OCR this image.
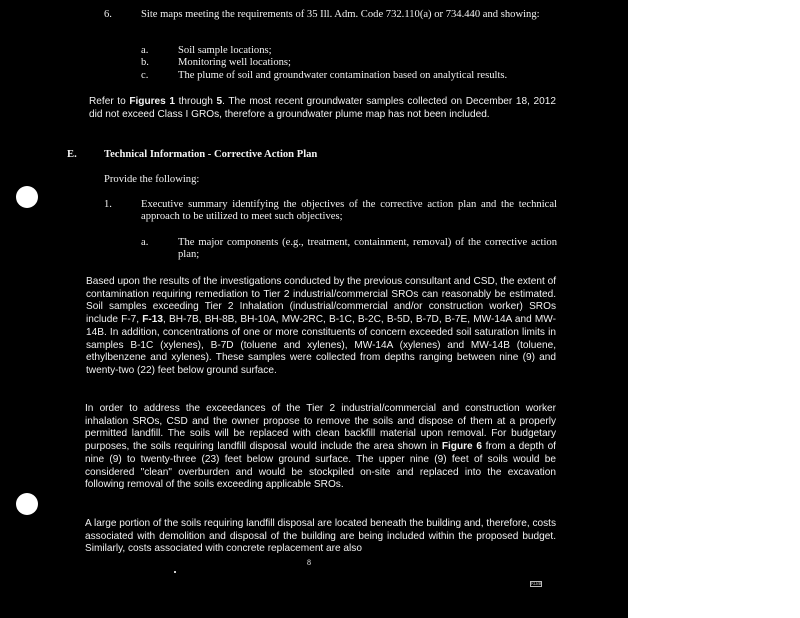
6.	Site maps meeting the requirements of 35 Ill. Adm. Code 732.110(a) or 734.440 and showing:
a.	Soil sample locations;
b.	Monitoring well locations;
c.	The plume of soil and groundwater contamination based on analytical results.
Refer to Figures 1 through 5. The most recent groundwater samples collected on December 18, 2012 did not exceed Class I GROs, therefore a groundwater plume map has not been included.
E.	Technical Information - Corrective Action Plan
Provide the following:
1.	Executive summary identifying the objectives of the corrective action plan and the technical approach to be utilized to meet such objectives;
a.	The major components (e.g., treatment, containment, removal) of the corrective action plan;
Based upon the results of the investigations conducted by the previous consultant and CSD, the extent of contamination requiring remediation to Tier 2 industrial/commercial SROs can reasonably be estimated. Soil samples exceeding Tier 2 Inhalation (industrial/commercial and/or construction worker) SROs include F-7, F-13, BH-7B, BH-8B, BH-10A, MW-2RC, B-1C, B-2C, B-5D, B-7D, B-7E, MW-14A and MW-14B. In addition, concentrations of one or more constituents of concern exceeded soil saturation limits in samples B-1C (xylenes), B-7D (toluene and xylenes), MW-14A (xylenes) and MW-14B (toluene, ethylbenzene and xylenes). These samples were collected from depths ranging between nine (9) and twenty-two (22) feet below ground surface.
In order to address the exceedances of the Tier 2 industrial/commercial and construction worker inhalation SROs, CSD and the owner propose to remove the soils and dispose of them at a properly permitted landfill. The soils will be replaced with clean backfill material upon removal. For budgetary purposes, the soils requiring landfill disposal would include the area shown in Figure 6 from a depth of nine (9) to twenty-three (23) feet below ground surface. The upper nine (9) feet of soils would be considered "clean" overburden and would be stockpiled on-site and replaced into the excavation following removal of the soils exceeding applicable SROs.
A large portion of the soils requiring landfill disposal are located beneath the building and, therefore, costs associated with demolition and disposal of the building are being included within the proposed budget. Similarly, costs associated with concrete replacement are also
8
RLBB
